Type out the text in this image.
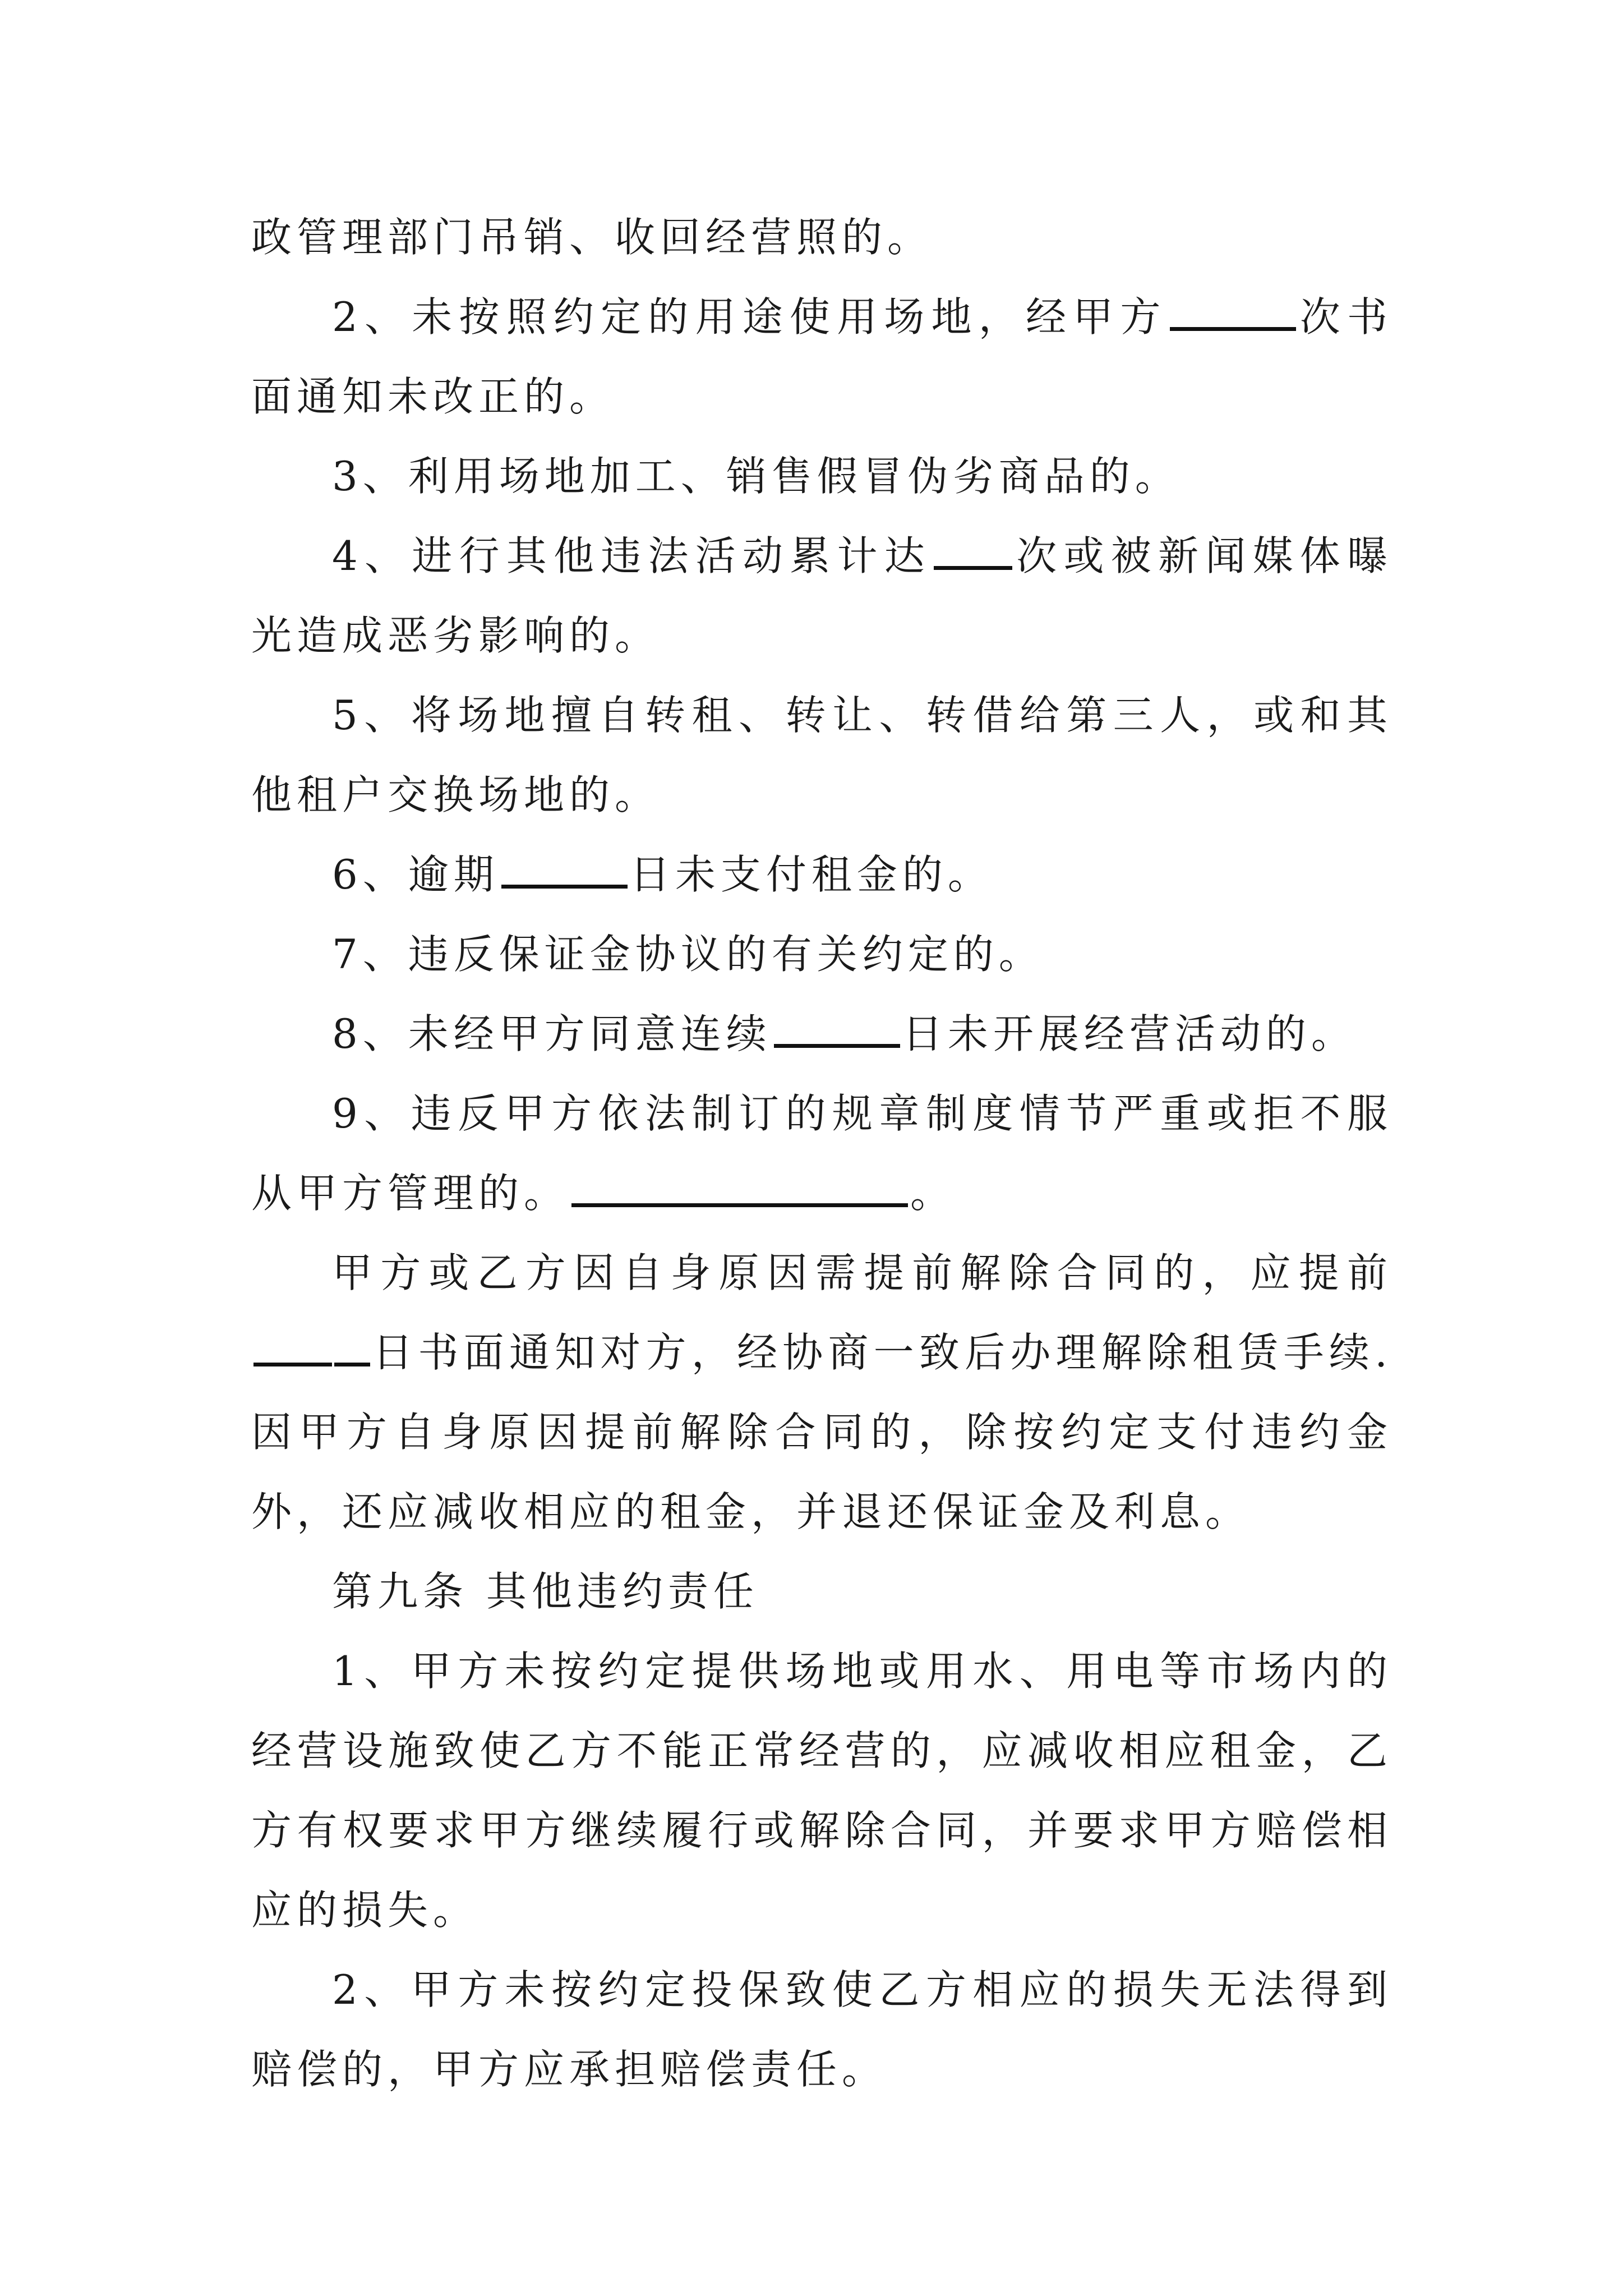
政管理部门吊销、收回经营照的。

2、未按照约定的用途使用场地，经甲方	次书面通知未改正的。

3、利用场地加工、销售假冒伪劣商品的。

4、进行其他违法活动累计达 次或被新闻媒体曝光造成恶劣影响的。

5、将场地擅自转租、转让、转借给第三人，或和其他租户交换场地的。

6、逾期	日未支付租金的。

7、违反保证金协议的有关约定的。

8、未经甲方同意连续	日未开展经营活动的。

9、违反甲方依法制订的规章制度情节严重或拒不服从甲方管理的。	。

甲方或乙方因自身原因需提前解除合同的，应提前日书面通知对方，经协商一致后办理解除租赁手续.因甲方自身原因提前解除合同的，除按约定支付违约金外，还应减收相应的租金，并退还保证金及利息。

第九条 其他违约责任

1、甲方未按约定提供场地或用水、用电等市场内的经营设施致使乙方不能正常经营的，应减收相应租金，乙方有权要求甲方继续履行或解除合同，并要求甲方赔偿相应的损失。

2、甲方未按约定投保致使乙方相应的损失无法得到赔偿的，甲方应承担赔偿责任。
